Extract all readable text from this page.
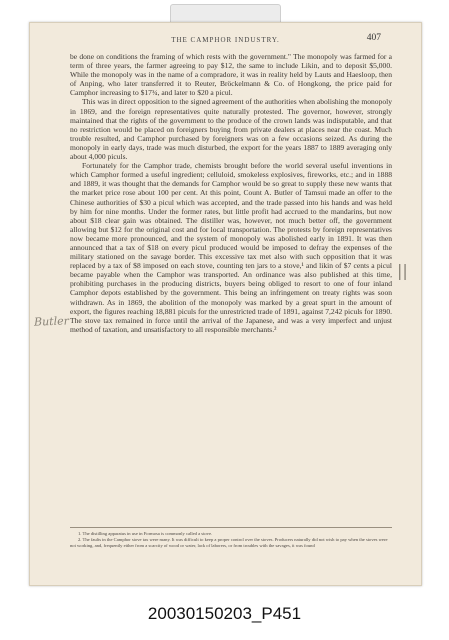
THE CAMPHOR INDUSTRY.	407

be done on conditions the framing of which rests with the government." The monopoly was farmed for a term of three years, the farmer agreeing to pay $12, the same to include Likin, and to deposit $5,000. While the monopoly was in the name of a compradore, it was in reality held by Lauts and Haesloop, then of Anping, who later transferred it to Reuter, Bröckelmann & Co. of Hongkong, the price paid for Camphor increasing to $17¾, and later to $20 a picul.

This was in direct opposition to the signed agreement of the authorities when abolishing the monopoly in 1869, and the foreign representatives quite naturally protested. The governor, however, strongly maintained that the rights of the government to the produce of the crown lands was indisputable, and that no restriction would be placed on foreigners buying from private dealers at places near the coast. Much trouble resulted, and Camphor purchased by foreigners was on a few occasions seized. As during the monopoly in early days, trade was much disturbed, the export for the years 1887 to 1889 averaging only about 4,000 piculs.

Fortunately for the Camphor trade, chemists brought before the world several useful inventions in which Camphor formed a useful ingredient; celluloid, smokeless explosives, fireworks, etc.; and in 1888 and 1889, it was thought that the demands for Camphor would be so great to supply these new wants that the market price rose about 100 per cent. At this point, Count A. Butler of Tamsui made an offer to the Chinese authorities of $30 a picul which was accepted, and the trade passed into his hands and was held by him for nine months. Under the former rates, but little profit had accrued to the mandarins, but now about $18 clear gain was obtained. The distiller was, however, not much better off, the government allowing but $12 for the original cost and for local transportation. The protests by foreign representatives now became more pronounced, and the system of monopoly was abolished early in 1891. It was then announced that a tax of $18 on every picul produced would be imposed to defray the expenses of the military stationed on the savage border. This excessive tax met also with such opposition that it was replaced by a tax of $8 imposed on each stove, counting ten jars to a stove,¹ and likin of $7 cents a picul became payable when the Camphor was transported. An ordinance was also published at this time, prohibiting purchases in the producing districts, buyers being obliged to resort to one of four inland Camphor depots established by the government. This being an infringement on treaty rights was soon withdrawn. As in 1869, the abolition of the monopoly was marked by a great spurt in the amount of export, the figures reaching 18,881 piculs for the unrestricted trade of 1891, against 7,242 piculs for 1890. The stove tax remained in force until the arrival of the Japanese, and was a very imperfect and unjust method of taxation, and unsatisfactory to all responsible merchants.²

1. The distilling apparatus in use in Formosa is commonly called a stove.
2. The faults in the Camphor stove tax were many. It was difficult to keep a proper control over the stoves. Producers naturally did not wish to pay when the stoves were not working, and, frequently either from a scarcity of wood or water, lack of laborers, or from troubles with the savages, it was found
Butler
||
20030150203_P451
